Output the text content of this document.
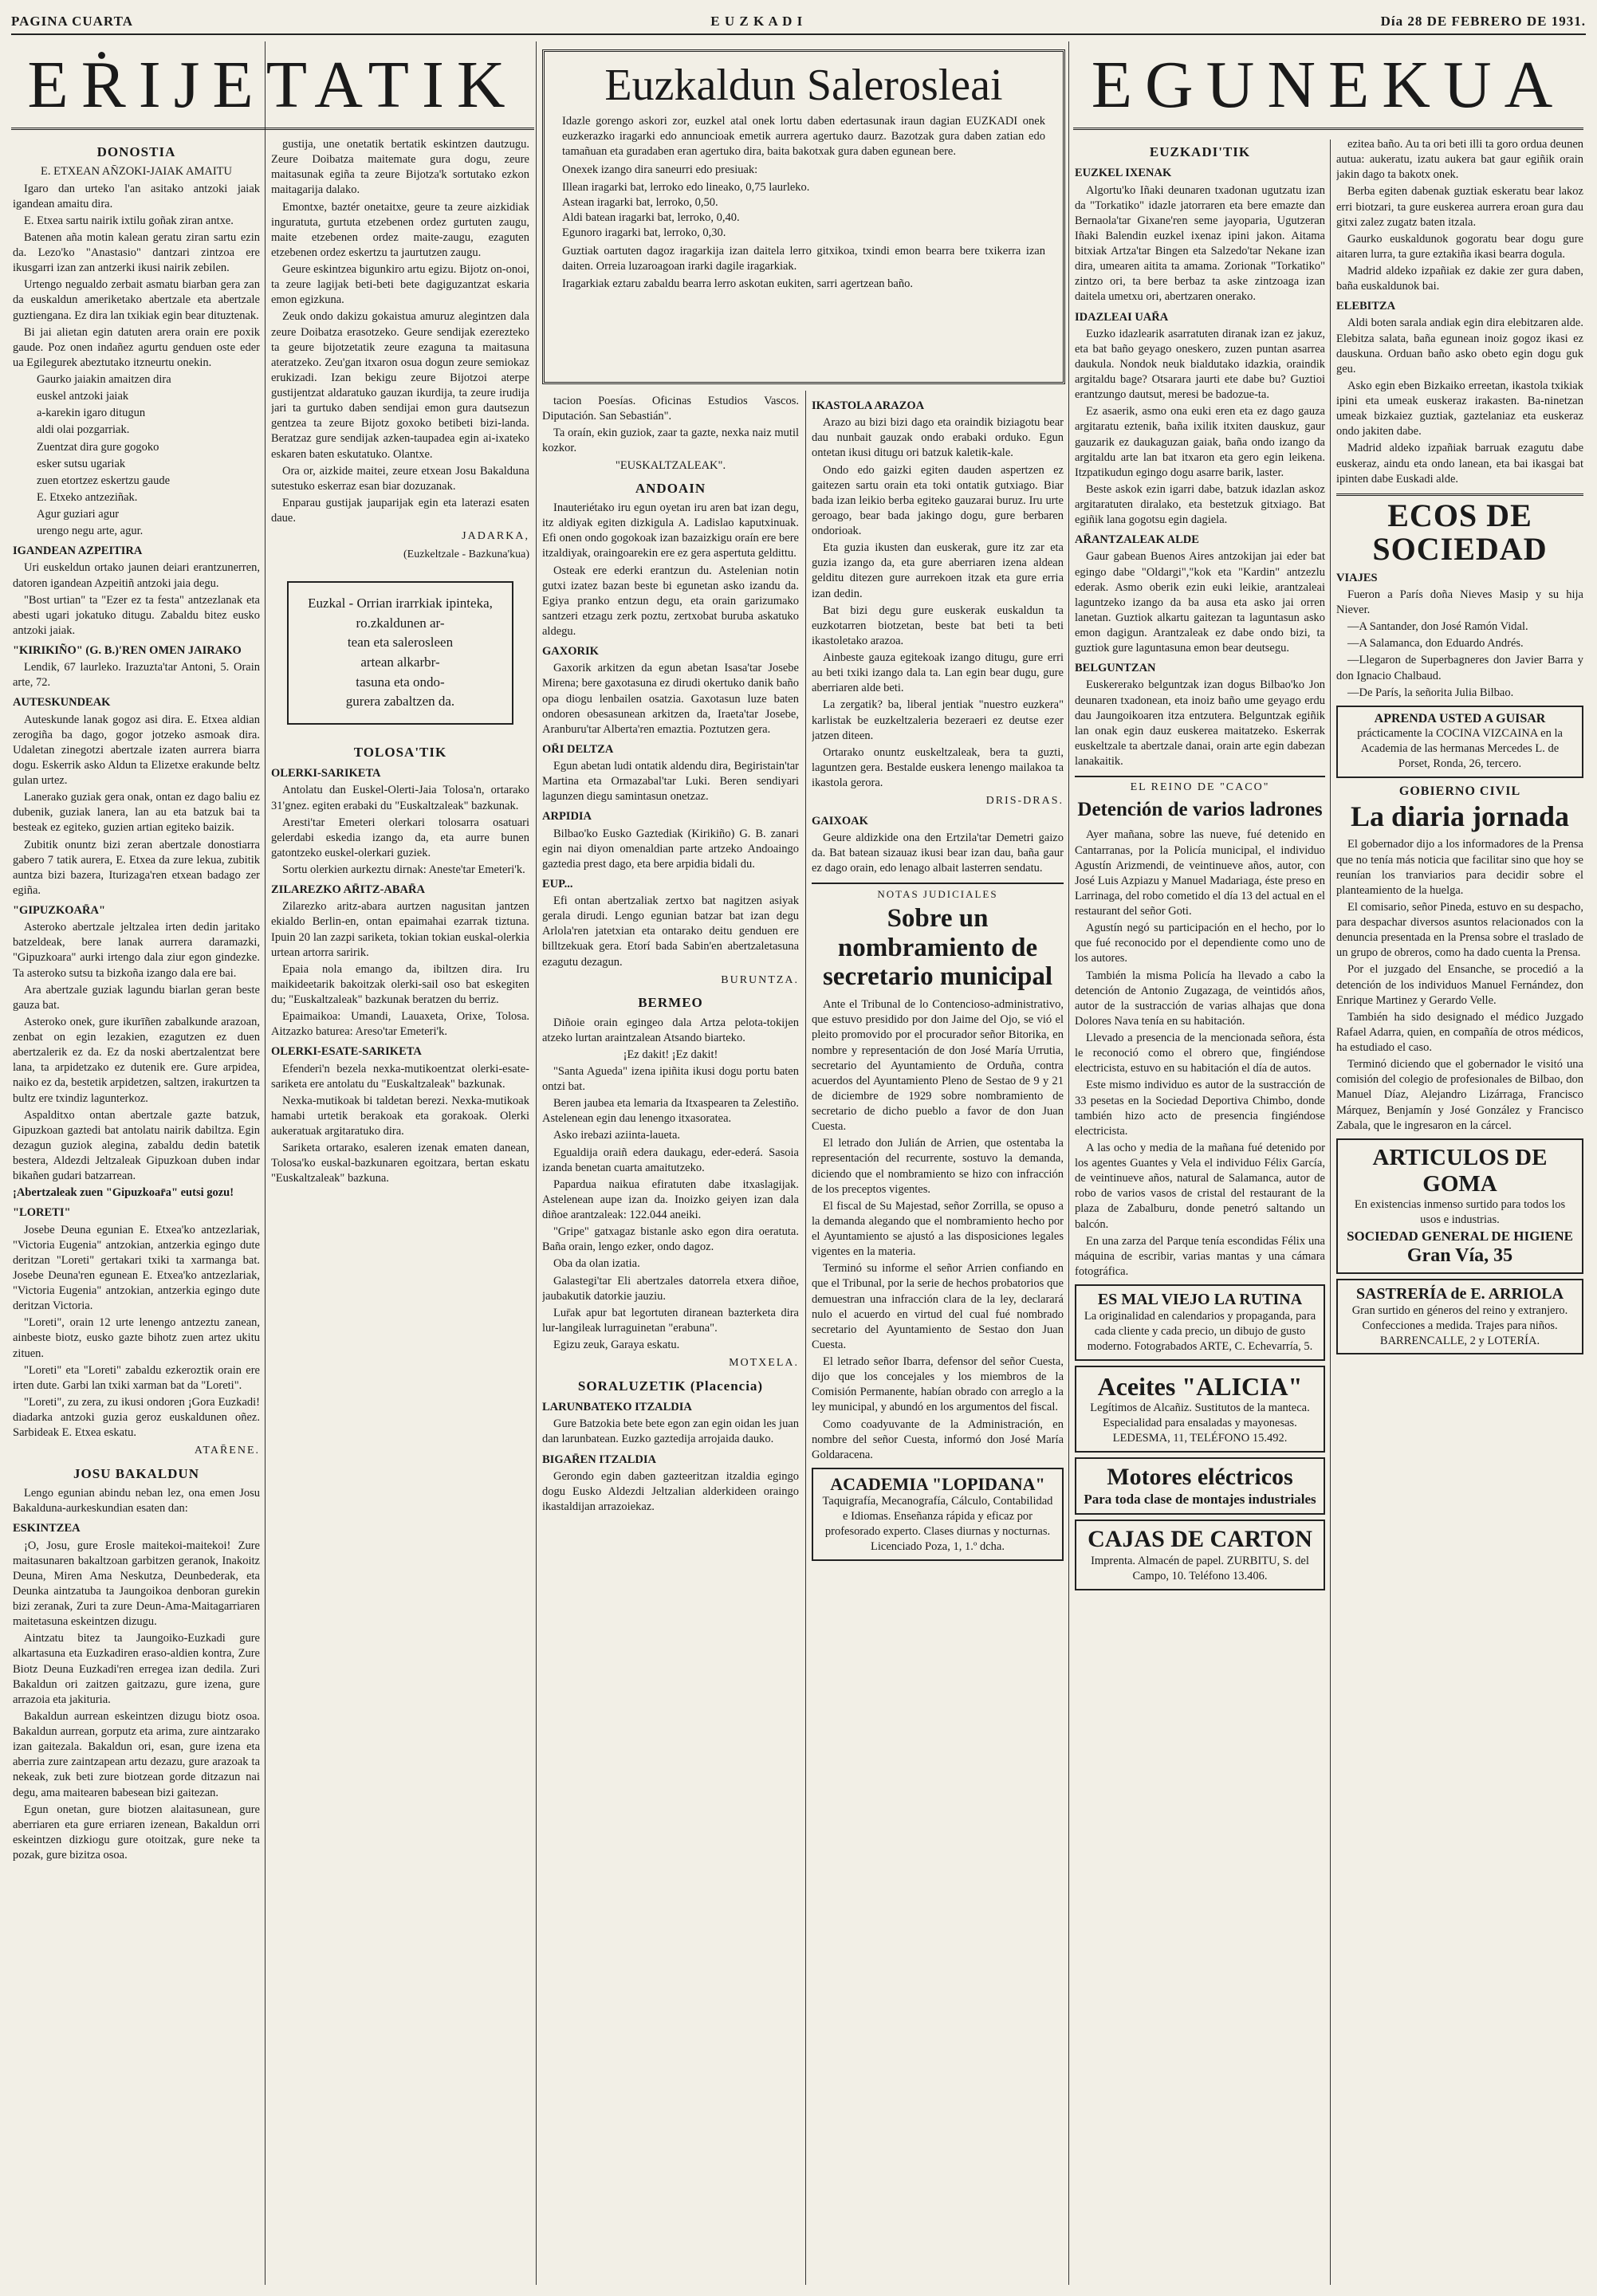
PAGINA CUARTA	E U Z K A D I	Día 28 DE FEBRERO DE 1931.
EṘIJETATIK	EGUNEKUA
Euzkaldun Salerosleai

Idazle gorengo askori zor, euzkel atal onek lortu daben edertasunak iraun dagian EUZKADI onek euzkerazko iragarki edo annuncioak emetik aurrera agertuko daurz. Bazotzak gura daben zatian edo tamañuan eta guradaben eran agertuko dira, baita bakotxak gura daben egunean bere.

Onexek izango dira saneurri edo presiuak:

Illean iragarki bat, lerroko edo lineako, 0,75 laurleko.

Astean iragarki bat, lerroko, 0,50.

Aldi batean iragarki bat, lerroko, 0,40.

Egunoro iragarki bat, lerroko, 0,30.

Guztiak oartuten dagoz iragarkija izan daitela lerro gitxikoa, txindi emon bearra bere txikerra izan daiten. Orreia luzaroagoan irarki dagile iragarkiak.

Iragarkiak eztaru zabaldu bearra lerro askotan eukiten, sarri agertzean baño.

DONOSTIA

E. ETXEAN AN̄ZOKI-JAIAK AMAITU

Igaro dan urteko l'an asitako antzoki jaiak igandean amaitu dira.

E. Etxea sartu nairik ixtilu goñak ziran antxe.

Batenen aña motin kalean geratu ziran sartu ezin da. Lezo'ko "Anastasio" dantzari zintzoa ere ikusgarri izan zan antzerki ikusi nairik zebilen.

Urtengo negualdo zerbait asmatu biarban gera zan da euskaldun ameriketako abertzale eta abertzale guztiengana. Ez dira lan txikiak egin bear dituztenak.

Bi jai alietan egin datuten arera orain ere poxik gaude. Poz onen indañez agurtu genduen oste eder ua Egilegurek abeztutako itzneurtu onekin.

Gaurko jaiakin amaitzen dira

euskel antzoki jaiak

a-karekin igaro ditugun

aldi olai pozgarriak.

Zuentzat dira gure gogoko

esker sutsu ugariak

zuen etortzez eskertzu gaude

E. Etxeko antzeziñak.

Agur guziari agur

urengo negu arte, agur.

IGANDEAN AZPEITIRA

Uri euskeldun ortako jaunen deiari erantzunerren, datoren igandean Azpeitiñ antzoki jaia degu.

"Bost urtian" ta "Ezer ez ta festa" antzezlanak eta abesti ugari jokatuko ditugu. Zabaldu bitez eusko antzoki jaiak.

"KIRIKIÑO" (G. B.)'REN OMEN JAIRAKO

Lendik, 67 laurleko. Irazuzta'tar Antoni, 5. Orain arte, 72.

AUTESKUNDEAK

Auteskunde lanak gogoz asi dira. E. Etxea aldian zerogiña ba dago, gogor jotzeko asmoak dira. Udaletan zinegotzi abertzale izaten aurrera biarra dogu. Eskerrik asko Aldun ta Elizetxe erakunde beltz gulan urtez.

Lanerako guziak gera onak, ontan ez dago baliu ez dubenik, guziak lanera, lan au eta batzuk bai ta besteak ez egiteko, guzien artian egiteko baizik.

Zubitik onuntz bizi zeran abertzale donostiarra gabero 7 tatik aurera, E. Etxea da zure lekua, zubitik auntza bizi bazera, Iturizaga'ren etxean badago zer egiña.

"GIPUZKOAR̄A"

Asteroko abertzale jeltzalea irten dedin jaritako batzeldeak, bere lanak aurrera daramazki, "Gipuzkoara" aurki irtengo dala ziur egon gindezke. Ta asteroko sutsu ta bizkoña izango dala ere bai.

Ara abertzale guziak lagundu biarlan geran beste gauza bat.

Asteroko onek, gure ikurīñen zabalkunde arazoan, zenbat on egin lezakien, ezagutzen ez duen abertzalerik ez da. Ez da noski abertzalentzat bere lana, ta arpidetzako ez dutenik ere. Gure arpidea, naiko ez da, bestetik arpidetzen, saltzen, irakurtzen ta bultz ere txindiz lagunterkoz.

Aspalditxo ontan abertzale gazte batzuk, Gipuzkoan gaztedi bat antolatu nairik dabiltza. Egin dezagun guziok alegina, zabaldu dedin batetik bestera, Aldezdi Jeltzaleak Gipuzkoan duben indar bikañen gudari batzarrean.

¡Abertzaleak zuen "Gipuzkoar̄a" eutsi gozu!

"LORETI"

Josebe Deuna egunian E. Etxea'ko antzezlariak, "Victoria Eugenia" antzokian, antzerkia egingo dute deritzan "Loreti" gertakari txiki ta xarmanga bat. Josebe Deuna'ren egunean E. Etxea'ko antzezlariak, "Victoria Eugenia" antzokian, antzerkia egingo dute deritzan Victoria.

"Loreti", orain 12 urte lenengo antzeztu zanean, ainbeste biotz, eusko gazte bihotz zuen artez ukitu zituen.

"Loreti" eta "Loreti" zabaldu ezkeroztik orain ere irten dute. Garbi lan txiki xarman bat da "Loreti".

"Loreti", zu zera, zu ikusi ondoren ¡Gora Euzkadi! diadarka antzoki guzia geroz euskaldunen oñez. Sarbideak E. Etxea eskatu.

ATAR̄ENE.

JOSU BAKALDUN

Lengo egunian abindu neban lez, ona emen Josu Bakalduna-aurkeskundian esaten dan:

ESKINTZEA

¡O, Josu, gure Erosle maitekoi-maitekoi! Zure maitasunaren bakaltzoan garbitzen geranok, Inakoitz Deuna, Miren Ama Neskutza, Deunbederak, eta Deunka aintzatuba ta Jaungoikoa denboran gurekin bizi zeranak, Zuri ta zure Deun-Ama-Maitagarriaren maitetasuna eskeintzen dizugu.

Aintzatu bitez ta Jaungoiko-Euzkadi gure alkartasuna eta Euzkadiren eraso-aldien kontra, Zure Biotz Deuna Euzkadi'ren erregea izan dedila. Zuri Bakaldun ori zaitzen gaitzazu, gure izena, gure arrazoia eta jakituria.

Bakaldun aurrean eskeintzen dizugu biotz osoa. Bakaldun aurrean, gorputz eta arima, zure aintzarako izan gaitezala. Bakaldun ori, esan, gure izena eta aberria zure zaintzapean artu dezazu, gure arazoak ta nekeak, zuk beti zure biotzean gorde ditzazun nai degu, ama maitearen babesean bizi gaitezan.

Egun onetan, gure biotzen alaitasunean, gure aberriaren eta gure erriaren izenean, Bakaldun orri eskeintzen dizkiogu gure otoitzak, gure neke ta pozak, gure bizitza osoa.

gustija, une onetatik bertatik eskintzen dautzugu. Zeure Doibatza maitemate gura dogu, zeure maitasunak egiña ta zeure Bijotza'k sortutako ezkon maitagarija dalako.

Emontxe, baztér onetaitxe, geure ta zeure aizkidiak inguratuta, gurtuta etzebenen ordez gurtuten zaugu, maite etzebenen ordez maite-zaugu, ezaguten etzebenen ordez eskertzu ta jaurtutzen zaugu.

Geure eskintzea bigunkiro artu egizu. Bijotz on-onoi, ta zeure lagijak beti-beti bete dagiguzantzat eskaria emon egizkuna.

Zeuk ondo dakizu gokaistua amuruz alegintzen dala zeure Doibatza erasotzeko. Geure sendijak ezerezteko ta geure bijotzetatik zeure ezaguna ta maitasuna ateratzeko. Zeu'gan itxaron osua dogun zeure semiokaz erukizadi. Izan bekigu zeure Bijotzoi aterpe gustijentzat aldaratuko gauzan ikurdija, ta zeure irudija jari ta gurtuko daben sendijai emon gura dautsezun gentzea ta zeure Bijotz goxoko betibeti bizi-landa. Beratzaz gure sendijak azken-taupadea egin ai-ixateko eskaren baten eskutatuko. Olantxe.

Ora or, aizkide maitei, zeure etxean Josu Bakalduna sutestuko eskerraz esan biar dozuzanak.

Enparau gustijak jauparijak egin eta laterazi esaten daue.

JADARKA,

(Euzkeltzale - Bazkuna'kua)

Euzkal - Orrian irarrkiak ipinteka,
ro.zkaldunen ar-
tean eta salerosleen
artean alkarbr-
tasuna eta ondo-
gurera zabaltzen da.
TOLOSA'TIK
OLERKI-SARIKETA

Antolatu dan Euskel-Olerti-Jaia Tolosa'n, ortarako 31'gnez. egiten erabaki du "Euskaltzaleak" bazkunak.

Aresti'tar Emeteri olerkari tolosarra osatuari gelerdabi eskedia izango da, eta aurre bunen gatontzeko euskel-olerkari guziek.

Sortu olerkien aurkeztu dirnak: Aneste'tar Emeteri'k.

ZILAREZKO AR̄ITZ-ABAR̄A

Zilarezko aritz-abara aurtzen nagusitan jantzen ekialdo Berlin-en, ontan epaimahai ezarrak tiztuna. Ipuin 20 lan zazpi sariketa, tokian tokian euskal-olerkia urtean artorra saririk.

Epaia nola emango da, ibiltzen dira. Iru maikideetarik bakoitzak olerki-sail oso bat eskegiten du; "Euskaltzaleak" bazkunak beratzen du berriz.

Epaimaikoa: Umandi, Lauaxeta, Orixe, Tolosa. Aitzazko baturea: Areso'tar Emeteri'k.

OLERKI-ESATE-SARIKETA

Efenderi'n bezela nexka-mutikoentzat olerki-esate-sariketa ere antolatu du "Euskaltzaleak" bazkunak.

Nexka-mutikoak bi taldetan berezi. Nexka-mutikoak hamabi urtetik berakoak eta gorakoak. Olerki aukeratuak argitaratuko dira.

Sariketa ortarako, esaleren izenak ematen danean, Tolosa'ko euskal-bazkunaren egoitzara, bertan eskatu "Euskaltzaleak" bazkuna.

tacion Poesías. Oficinas Estudios Vascos. Diputación. San Sebastián".

Ta oraín, ekin guziok, zaar ta gazte, nexka naiz mutil kozkor.

"EUSKALTZALEAK".

ANDOAIN

Inauteriétako iru egun oyetan iru aren bat izan degu, itz aldiyak egiten dizkigula A. Ladislao kaputxinuak. Efi onen ondo gogokoak izan bazaizkigu oraín ere bere itzaldiyak, oraingoarekin ere ez gera aspertuta geldittu.

Osteak ere ederki erantzun du. Astelenian notin gutxi izatez bazan beste bi egunetan asko izandu da. Egiya pranko entzun degu, eta orain garizumako santzeri etzagu zerk poztu, zertxobat buruba askatuko aldegu.

GAXORIK

Gaxorik arkitzen da egun abetan Isasa'tar Josebe Mirena; bere gaxotasuna ez dirudi okertuko danik baño opa diogu lenbailen osatzia. Gaxotasun luze baten ondoren obesasunean arkitzen da, Iraeta'tar Josebe, Aranburu'tar Alberta'ren emaztia. Poztutzen gera.

OR̄I DELTZA

Egun abetan ludi ontatik aldendu dira, Begiristain'tar Martina eta Ormazabal'tar Luki. Beren sendiyari lagunzen diegu samintasun onetzaz.

ARPIDIA

Bilbao'ko Eusko Gaztediak (Kirikiño) G. B. zanari egin nai diyon omenaldian parte artzeko Andoaingo gaztedia prest dago, eta bere arpidia bidali du.

EUP...

Efi ontan abertzaliak zertxo bat nagitzen asiyak gerala dirudi. Lengo egunian batzar bat izan degu Arlola'ren jatetxian eta ontarako deitu genduen ere billtzekuak gera. Etorí bada Sabin'en abertzaletasuna ezagutu dezagun.

BURUNTZA.

BERMEO

Diñoie orain egingeo dala Artza pelota-tokijen atzeko lurtan araintzalean Atsando biarteko.

¡Ez dakit! ¡Ez dakit!

"Santa Agueda" izena ipiñita ikusi dogu portu baten ontzi bat.

Beren jaubea eta lemaria da Itxaspearen ta Zelestiño. Astelenean egin dau lenengo itxasoratea.

Asko irebazi aziinta-laueta.

Egualdija oraiñ edera daukagu, eder-ederá. Sasoia izanda benetan cuarta amaitutzeko.

Papardua naikua efiratuten dabe itxaslagijak. Astelenean aupe izan da. Inoizko geiyen izan dala diñoe arantzaleak: 122.044 aneiki.

"Gripe" gatxagaz bistanle asko egon dira oeratuta. Baña orain, lengo ezker, ondo dagoz.

Oba da olan izatia.

Galastegi'tar Eli abertzales datorrela etxera diñoe, jaubakutik datorkie jauziu.

Lur̄ak apur bat legortuten diranean bazterketa dira lur-langileak lurraguinetan "erabuna".

Egizu zeuk, Garaya eskatu.

MOTXELA.

SORALUZETIK (Placencia)
LARUNBATEKO ITZALDIA

Gure Batzokia bete bete egon zan egin oidan les juan dan larunbatean. Euzko gaztedija arrojaida dauko.

BIGAR̄EN ITZALDIA

Gerondo egin daben gazteeritzan itzaldia egingo dogu Eusko Aldezdi Jeltzalian alderkideen oraingo ikastaldijan arrazoiekaz.

IKASTOLA ARAZOA

Arazo au bizi bizi dago eta oraindik biziagotu bear dau nunbait gauzak ondo erabaki orduko. Egun ontetan ikusi ditugu ori batzuk kaletik-kale.

Ondo edo gaizki egiten dauden aspertzen ez gaitezen sartu orain eta toki ontatik gutxiago. Biar bada izan leikio berba egiteko gauzarai buruz. Iru urte geroago, bear bada jakingo dogu, gure berbaren ondorioak.

Eta guzia ikusten dan euskerak, gure itz zar eta guzia izango da, eta gure aberriaren izena aldean gelditu ditezen gure aurrekoen itzak eta gure erria izan dedin.

Bat bizi degu gure euskerak euskaldun ta euzkotarren biotzetan, beste bat beti ta beti ikastoletako arazoa.

Ainbeste gauza egitekoak izango ditugu, gure erri au beti txiki izango dala ta. Lan egin bear dugu, gure aberriaren alde beti.

La zergatik? ba, liberal jentiak "nuestro euzkera" karlistak be euzkeltzaleria bezeraeri ez deutse ezer jatzen diteen.

Ortarako onuntz euskeltzaleak, bera ta guzti, laguntzen gera. Bestalde euskera lenengo mailakoa ta ikastola gerora.

DRIS-DRAS.

GAIXOAK

Geure aldizkide ona den Ertzila'tar Demetri gaizo da. Bat batean sizauaz ikusi bear izan dau, baña gaur ez dago orain, edo lenago albait lasterren sendatu.

NOTAS JUDICIALES

Sobre un nombramiento de secretario municipal

Ante el Tribunal de lo Contencioso-administrativo, que estuvo presidido por don Jaime del Ojo, se vió el pleito promovido por el procurador señor Bitorika, en nombre y representación de don José María Urrutia, secretario del Ayuntamiento de Orduña, contra acuerdos del Ayuntamiento Pleno de Sestao de 9 y 21 de diciembre de 1929 sobre nombramiento de secretario de dicho pueblo a favor de don Juan Cuesta.

El letrado don Julián de Arrien, que ostentaba la representación del recurrente, sostuvo la demanda, diciendo que el nombramiento se hizo con infracción de los preceptos vigentes.

El fiscal de Su Majestad, señor Zorrilla, se opuso a la demanda alegando que el nombramiento hecho por el Ayuntamiento se ajustó a las disposiciones legales vigentes en la materia.

Terminó su informe el señor Arrien confiando en que el Tribunal, por la serie de hechos probatorios que demuestran una infracción clara de la ley, declarará nulo el acuerdo en virtud del cual fué nombrado secretario del Ayuntamiento de Sestao don Juan Cuesta.

El letrado señor Ibarra, defensor del señor Cuesta, dijo que los concejales y los miembros de la Comisión Permanente, habían obrado con arreglo a la ley municipal, y abundó en los argumentos del fiscal.

Como coadyuvante de la Administración, en nombre del señor Cuesta, informó don José María Goldaracena.

ACADEMIA "LOPIDANA"
Taquigrafía, Mecanografía, Cálculo, Contabilidad e Idiomas. Enseñanza rápida y eficaz por profesorado experto. Clases diurnas y nocturnas. Licenciado Poza, 1, 1.º dcha.
EUZKADI'TIK
EUZKEL IXENAK

Algortu'ko Iñaki deunaren txadonan ugutzatu izan da "Torkatiko" idazle jatorraren eta bere emazte dan Bernaola'tar Gixane'ren seme jayoparia, Ugutzeran Iñaki Balendin euzkel ixenaz ipini jakon. Aitama bitxiak Artza'tar Bingen eta Salzedo'tar Nekane izan dira, umearen aitita ta amama. Zorionak "Torkatiko" zintzo ori, ta bere berbaz ta aske zintzoaga izan daitela umetxu ori, abertzaren onerako.

IDAZLEAI UAR̄A

Euzko idazlearik asarratuten diranak izan ez jakuz, eta bat baño geyago oneskero, zuzen puntan asarrea daukula. Nondok neuk bialdutako idazkia, oraindik argitaldu bage? Otsarara jaurti ete dabe bu? Guztioi erantzungo dautsut, meresi be badozue-ta.

Ez asaerik, asmo ona euki eren eta ez dago gauza argitaratu eztenik, baña ixilik itxiten dauskuz, gaur gauzarik ez daukaguzan gaiak, baña ondo izango da argitaldu arte lan bat itxaron eta gero egin leikena. Itzpatikudun egingo dogu asarre barik, laster.

Beste askok ezin igarri dabe, batzuk idazlan askoz argitaratuten diralako, eta bestetzuk gitxiago. Bat egiñik lana gogotsu egin dagiela.

AR̄ANTZALEAK ALDE

Gaur gabean Buenos Aires antzokijan jai eder bat egingo dabe "Oldargi","kok eta "Kardin" antzezlu ederak. Asmo oberik ezin euki leikie, arantzaleai laguntzeko izango da ba ausa eta asko jai orren lanetan. Guztiok alkartu gaitezan ta laguntasun asko emon dagigun. Arantzaleak ez dabe ondo bizi, ta guztiok gure laguntasuna emon bear deutsegu.

BELGUNTZAN

Euskererako belguntzak izan dogus Bilbao'ko Jon deunaren txadonean, eta inoiz baño ume geyago erdu dau Jaungoikoaren itza entzutera. Belguntzak egiñik lan onak egin dauz euskerea maitatzeko. Eskerrak euskeltzale ta abertzale danai, orain arte egin dabezan lanakaitik.

EL REINO DE "CACO"

Detención de varios ladrones

Ayer mañana, sobre las nueve, fué detenido en Cantarranas, por la Policía municipal, el individuo Agustín Arizmendi, de veintinueve años, autor, con José Luis Azpiazu y Manuel Madariaga, éste preso en Larrinaga, del robo cometido el día 13 del actual en el restaurant del señor Goti.

Agustín negó su participación en el hecho, por lo que fué reconocido por el dependiente como uno de los autores.

También la misma Policía ha llevado a cabo la detención de Antonio Zugazaga, de veintidós años, autor de la sustracción de varias alhajas que dona Dolores Nava tenía en su habitación.

Llevado a presencia de la mencionada señora, ésta le reconoció como el obrero que, fingiéndose electricista, estuvo en su habitación el día de autos.

Este mismo individuo es autor de la sustracción de 33 pesetas en la Sociedad Deportiva Chimbo, donde también hizo acto de presencia fingiéndose electricista.

A las ocho y media de la mañana fué detenido por los agentes Guantes y Vela el individuo Félix García, de veintinueve años, natural de Salamanca, autor de robo de varios vasos de cristal del restaurant de la plaza de Zabalburu, donde penetró saltando un balcón.

En una zarza del Parque tenía escondidas Félix una máquina de escribir, varias mantas y una cámara fotográfica.

ES MAL VIEJO LA RUTINA
La originalidad en calendarios y propaganda, para cada cliente y cada precio, un dibujo de gusto moderno. Fotograbados ARTE, C. Echevarría, 5.
Aceites "ALICIA"
Legítimos de Alcañiz. Sustitutos de la manteca. Especialidad para ensaladas y mayonesas. LEDESMA, 11, TELÉFONO 15.492.
Motores eléctricos
Para toda clase de montajes industriales
CAJAS DE CARTON
Imprenta. Almacén de papel. ZURBITU, S. del Campo, 10. Teléfono 13.406.

ezitea baño. Au ta ori beti illi ta goro ordua deunen autua: aukeratu, izatu aukera bat gaur egiñik orain jakin dago ta bakotx onek.

Berba egiten dabenak guztiak eskeratu bear lakoz erri biotzari, ta gure euskerea aurrera eroan gura dau gitxi zalez zugatz baten itzala.

Gaurko euskaldunok gogoratu bear dogu gure aitaren lurra, ta gure eztakiña ikasi bearra dogula.

Madrid aldeko izpañiak ez dakie zer gura daben, baña euskaldunok bai.

ELEBITZA

Aldi boten sarala andiak egin dira elebitzaren alde. Elebitza salata, baña egunean inoiz gogoz ikasi ez dauskuna. Orduan baño asko obeto egin dogu guk geu.

Asko egin eben Bizkaiko erreetan, ikastola txikiak ipini eta umeak euskeraz irakasten. Ba-ninetzan umeak bizkaiez guztiak, gaztelaniaz eta euskeraz ondo jakiten dabe.

Madrid aldeko izpañiak barruak ezagutu dabe euskeraz, aindu eta ondo lanean, eta bai ikasgai bat ipinten dabe Euskadi alde.

ECOS DE SOCIEDAD

VIAJES

Fueron a París doña Nieves Masip y su hija Niever.

—A Santander, don José Ramón Vidal.

—A Salamanca, don Eduardo Andrés.

—Llegaron de Superbagneres don Javier Barra y don Ignacio Chalbaud.

—De París, la señorita Julia Bilbao.

APRENDA USTED A GUISAR
prácticamente la COCINA VIZCAINA en la Academia de las hermanas Mercedes L. de Porset, Ronda, 26, tercero.

GOBIERNO CIVIL

La diaria jornada

El gobernador dijo a los informadores de la Prensa que no tenía más noticia que facilitar sino que hoy se reunían los tranviarios para decidir sobre el planteamiento de la huelga.

El comisario, señor Pineda, estuvo en su despacho, para despachar diversos asuntos relacionados con la denuncia presentada en la Prensa sobre el traslado de un grupo de obreros, como ha dado cuenta la Prensa.

Por el juzgado del Ensanche, se procedió a la detención de los individuos Manuel Fernández, don Enrique Martinez y Gerardo Velle.

También ha sido designado el médico Juzgado Rafael Adarra, quien, en compañía de otros médicos, ha estudiado el caso.

Terminó diciendo que el gobernador le visitó una comisión del colegio de profesionales de Bilbao, don Manuel Díaz, Alejandro Lizárraga, Francisco Márquez, Benjamín y José González y Francisco Zabala, que le ingresaron en la cárcel.

ARTICULOS DE GOMA
En existencias inmenso surtido para todos los usos e industrias.
SOCIEDAD GENERAL DE HIGIENE
Gran Vía, 35
SASTRERÍA de E. ARRIOLA
Gran surtido en géneros del reino y extranjero. Confecciones a medida. Trajes para niños. BARRENCALLE, 2 y LOTERÍA.
